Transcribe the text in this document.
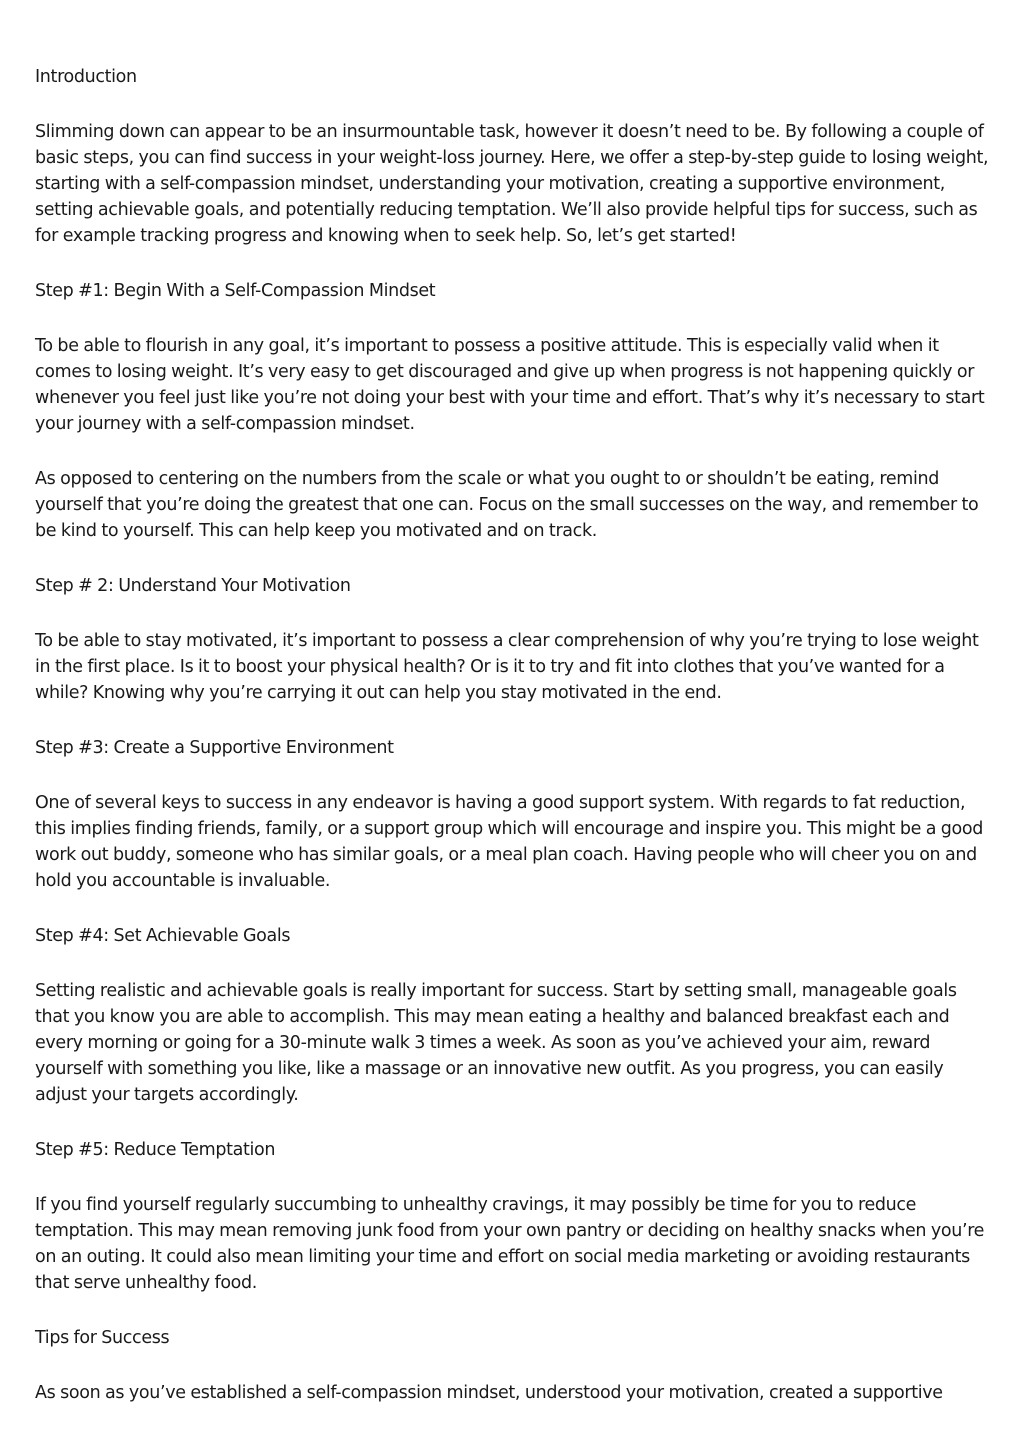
Introduction

Slimming down can appear to be an insurmountable task, however it doesn’t need to be. By following a couple of basic steps, you can find success in your weight-loss journey. Here, we offer a step-by-step guide to losing weight, starting with a self-compassion mindset, understanding your motivation, creating a supportive environment, setting achievable goals, and potentially reducing temptation. We’ll also provide helpful tips for success, such as for example tracking progress and knowing when to seek help. So, let’s get started!

Step #1: Begin With a Self-Compassion Mindset

To be able to flourish in any goal, it’s important to possess a positive attitude. This is especially valid when it comes to losing weight. It’s very easy to get discouraged and give up when progress is not happening quickly or whenever you feel just like you’re not doing your best with your time and effort. That’s why it’s necessary to start your journey with a self-compassion mindset.

As opposed to centering on the numbers from the scale or what you ought to or shouldn’t be eating, remind yourself that you’re doing the greatest that one can. Focus on the small successes on the way, and remember to be kind to yourself. This can help keep you motivated and on track.

Step # 2: Understand Your Motivation

To be able to stay motivated, it’s important to possess a clear comprehension of why you’re trying to lose weight in the first place. Is it to boost your physical health? Or is it to try and fit into clothes that you’ve wanted for a while? Knowing why you’re carrying it out can help you stay motivated in the end.

Step #3: Create a Supportive Environment

One of several keys to success in any endeavor is having a good support system. With regards to fat reduction, this implies finding friends, family, or a support group which will encourage and inspire you. This might be a good work out buddy, someone who has similar goals, or a meal plan coach. Having people who will cheer you on and hold you accountable is invaluable.

Step #4: Set Achievable Goals

Setting realistic and achievable goals is really important for success. Start by setting small, manageable goals that you know you are able to accomplish. This may mean eating a healthy and balanced breakfast each and every morning or going for a 30-minute walk 3 times a week. As soon as you’ve achieved your aim, reward yourself with something you like, like a massage or an innovative new outfit. As you progress, you can easily adjust your targets accordingly.

Step #5: Reduce Temptation

If you find yourself regularly succumbing to unhealthy cravings, it may possibly be time for you to reduce temptation. This may mean removing junk food from your own pantry or deciding on healthy snacks when you’re on an outing. It could also mean limiting your time and effort on social media marketing or avoiding restaurants that serve unhealthy food.

Tips for Success

As soon as you’ve established a self-compassion mindset, understood your motivation, created a supportive
